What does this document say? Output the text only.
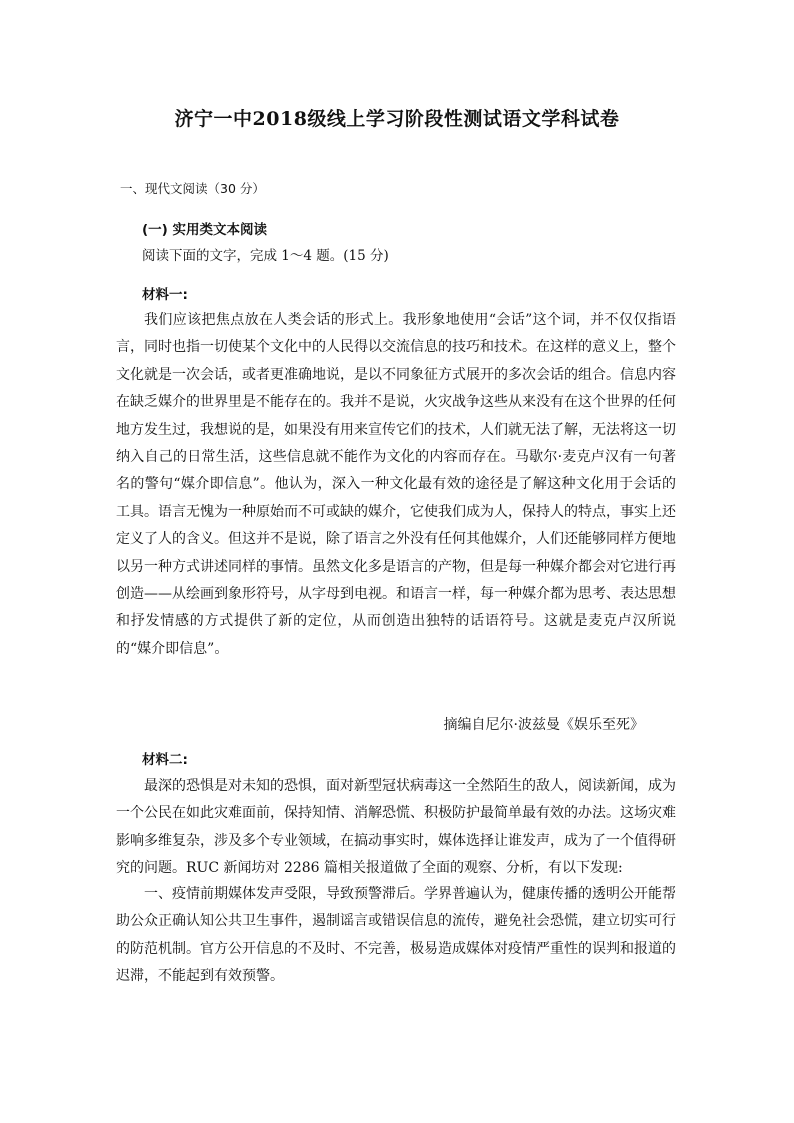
济宁一中2018级线上学习阶段性测试语文学科试卷
一、现代文阅读（30 分）
(一) 实用类文本阅读
阅读下面的文字，完成 1～4 题。(15 分)
材料一:

我们应该把焦点放在人类会话的形式上。我形象地使用“会话”这个词，并不仅仅指语言，同时也指一切使某个文化中的人民得以交流信息的技巧和技术。在这样的意义上，整个文化就是一次会话，或者更准确地说，是以不同象征方式展开的多次会话的组合。信息内容在缺乏媒介的世界里是不能存在的。我并不是说，火灾战争这些从来没有在这个世界的任何地方发生过，我想说的是，如果没有用来宣传它们的技术，人们就无法了解，无法将这一切纳入自己的日常生活，这些信息就不能作为文化的内容而存在。马歇尔·麦克卢汉有一句著名的警句“媒介即信息”。他认为，深入一种文化最有效的途径是了解这种文化用于会话的工具。语言无愧为一种原始而不可或缺的媒介，它使我们成为人，保持人的特点，事实上还定义了人的含义。但这并不是说，除了语言之外没有任何其他媒介，人们还能够同样方便地以另一种方式讲述同样的事情。虽然文化多是语言的产物，但是每一种媒介都会对它进行再创造——从绘画到象形符号，从字母到电视。和语言一样，每一种媒介都为思考、表达思想和抒发情感的方式提供了新的定位，从而创造出独特的话语符号。这就是麦克卢汉所说的“媒介即信息”。

摘编自尼尔·波兹曼《娱乐至死》
材料二:

最深的恐惧是对未知的恐惧，面对新型冠状病毒这一全然陌生的敌人，阅读新闻，成为一个公民在如此灾难面前，保持知情、消解恐慌、积极防护最简单最有效的办法。这场灾难影响多维复杂，涉及多个专业领域，在搞动事实时，媒体选择让谁发声，成为了一个值得研究的问题。RUC 新闻坊对 2286 篇相关报道做了全面的观察、分析，有以下发现:

一、疫情前期媒体发声受限，导致预警滞后。学界普遍认为，健康传播的透明公开能帮助公众正确认知公共卫生事件，遏制谣言或错误信息的流传，避免社会恐慌，建立切实可行的防范机制。官方公开信息的不及时、不完善，极易造成媒体对疫情严重性的误判和报道的迟滞，不能起到有效预警。
